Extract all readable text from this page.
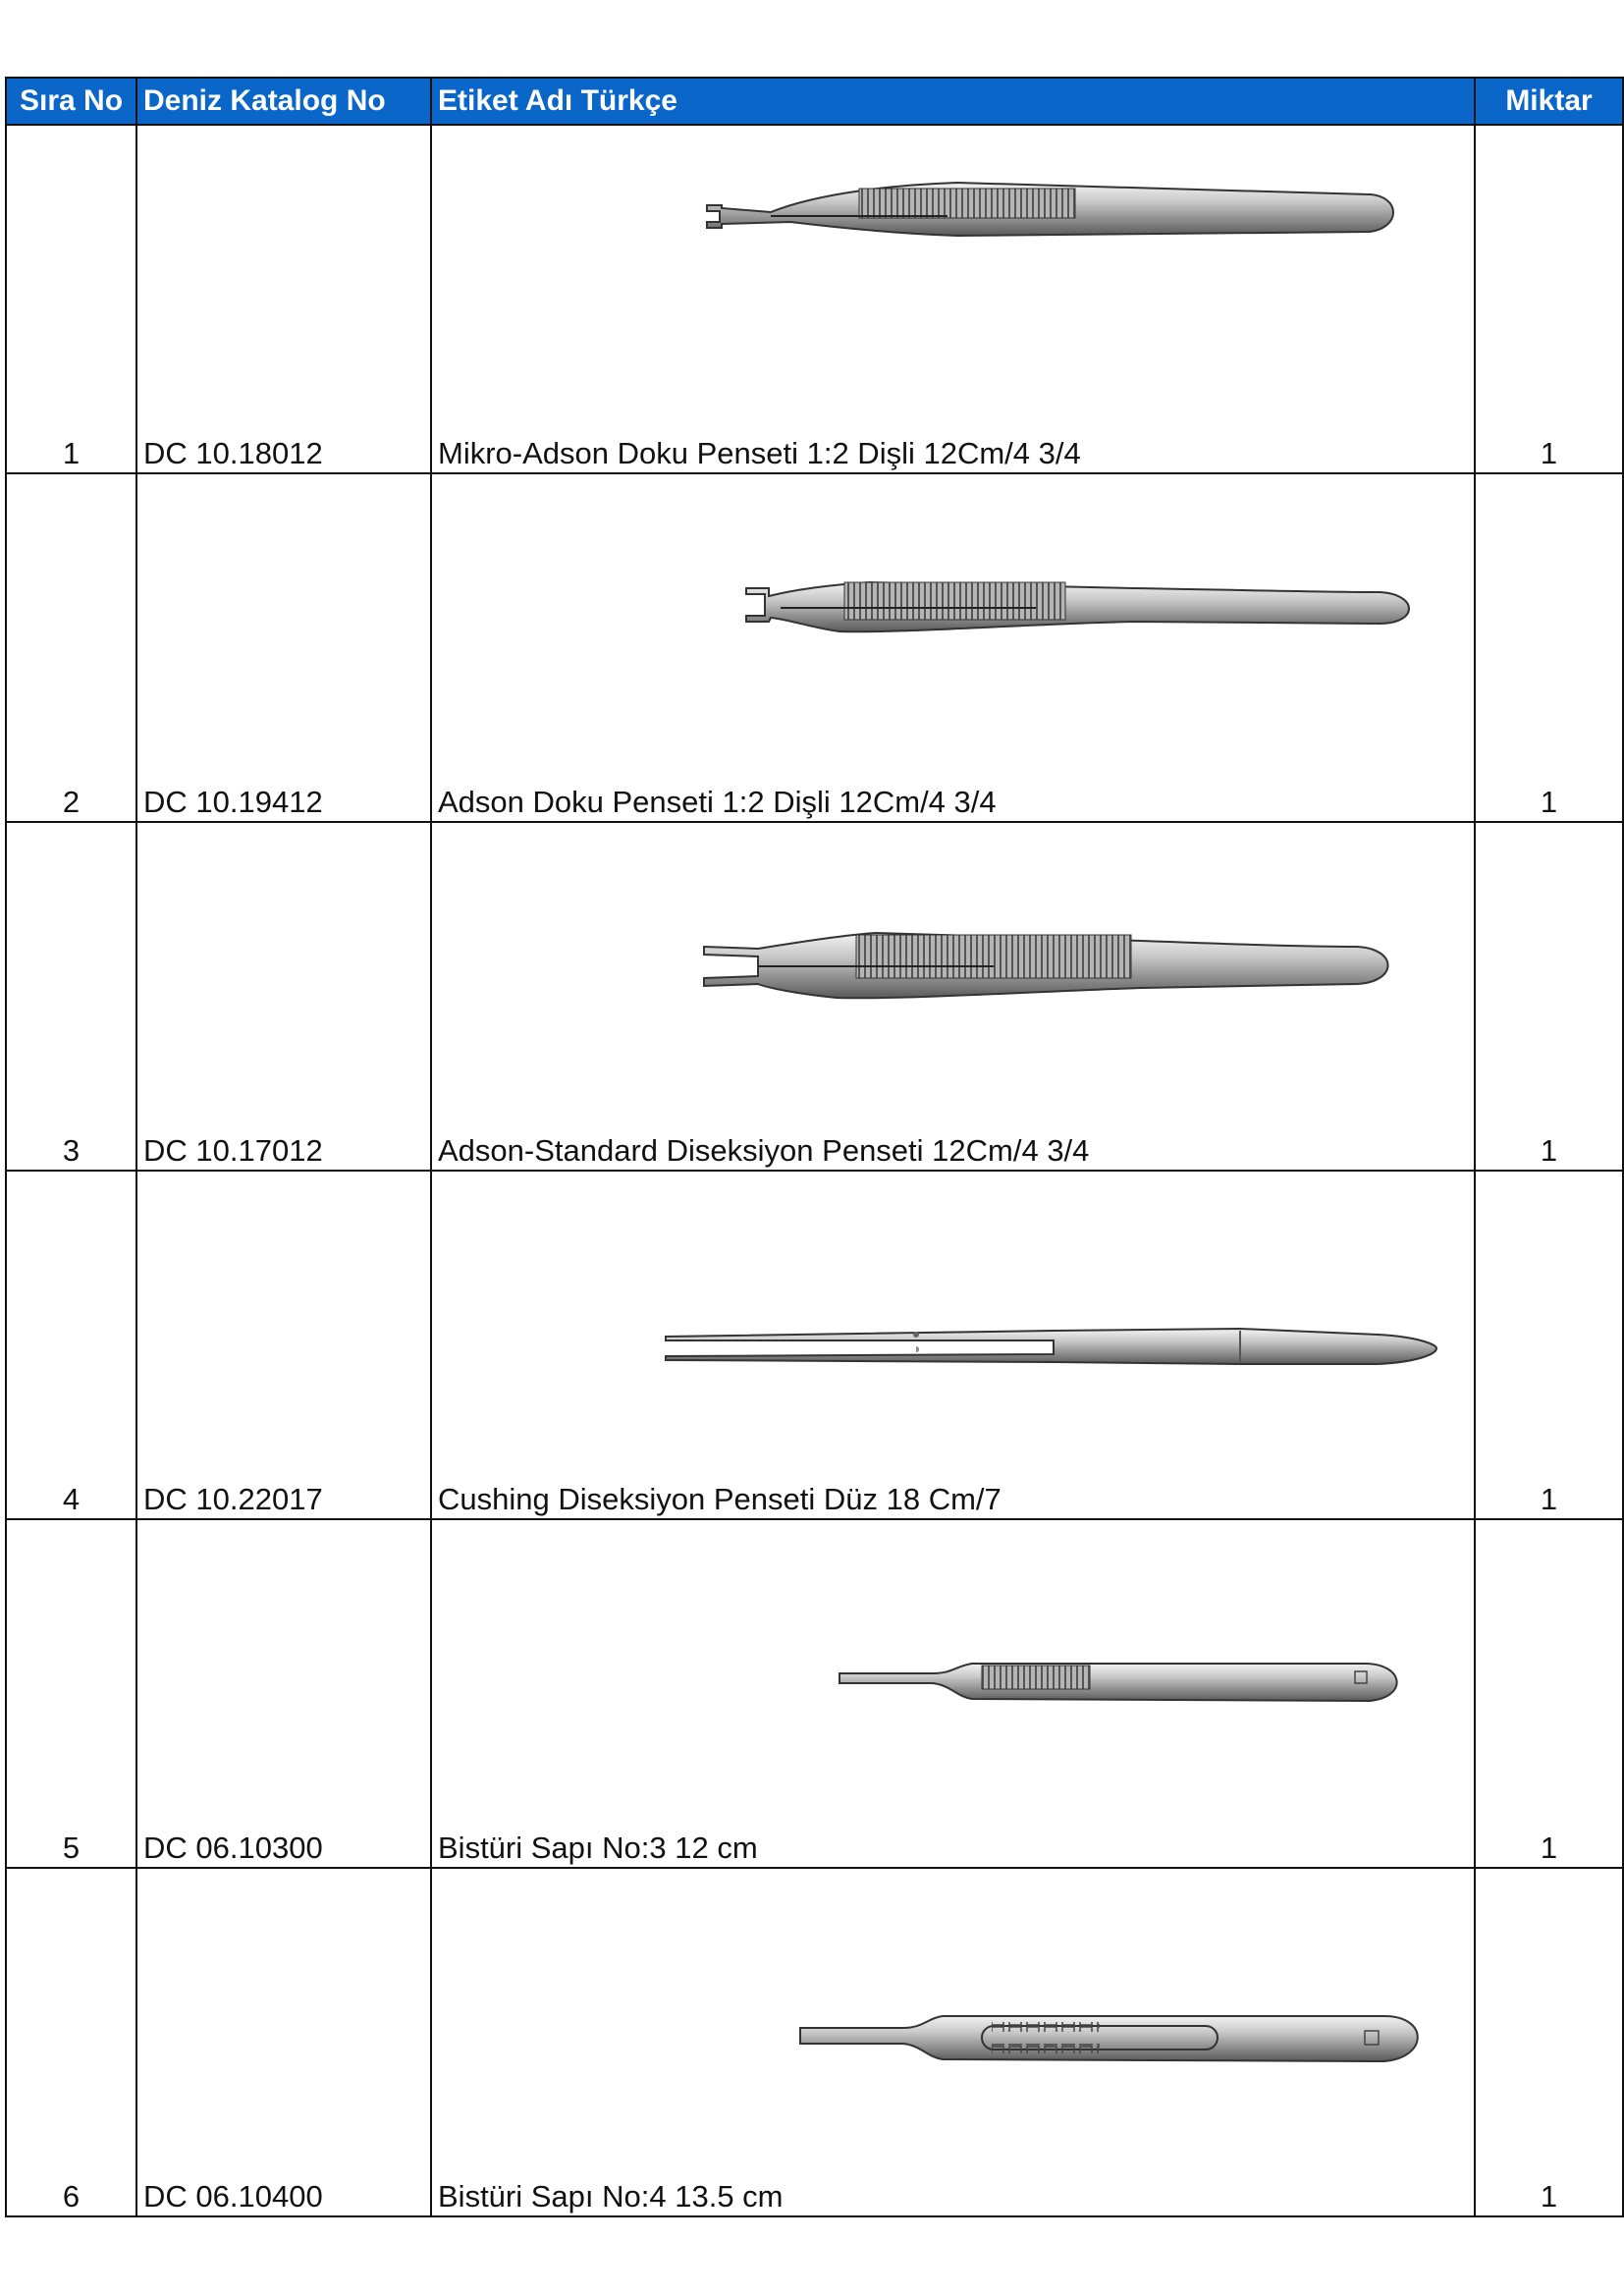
Sıra No	Deniz Katalog No	Etiket Adı Türkçe	Miktar

1	DC 10.18012	Mikro-Adson Doku Penseti 1:2 Dişli 12Cm/4 3/4	1

2	DC 10.19412	Adson Doku Penseti 1:2 Dişli 12Cm/4 3/4	1

3	DC 10.17012	Adson-Standard Diseksiyon Penseti 12Cm/4 3/4	1

4	DC 10.22017	Cushing Diseksiyon Penseti Düz 18 Cm/7	1

5	DC 06.10300	Bistüri Sapı No:3 12 cm	1

6	DC 06.10400	Bistüri Sapı No:4 13.5 cm	1
